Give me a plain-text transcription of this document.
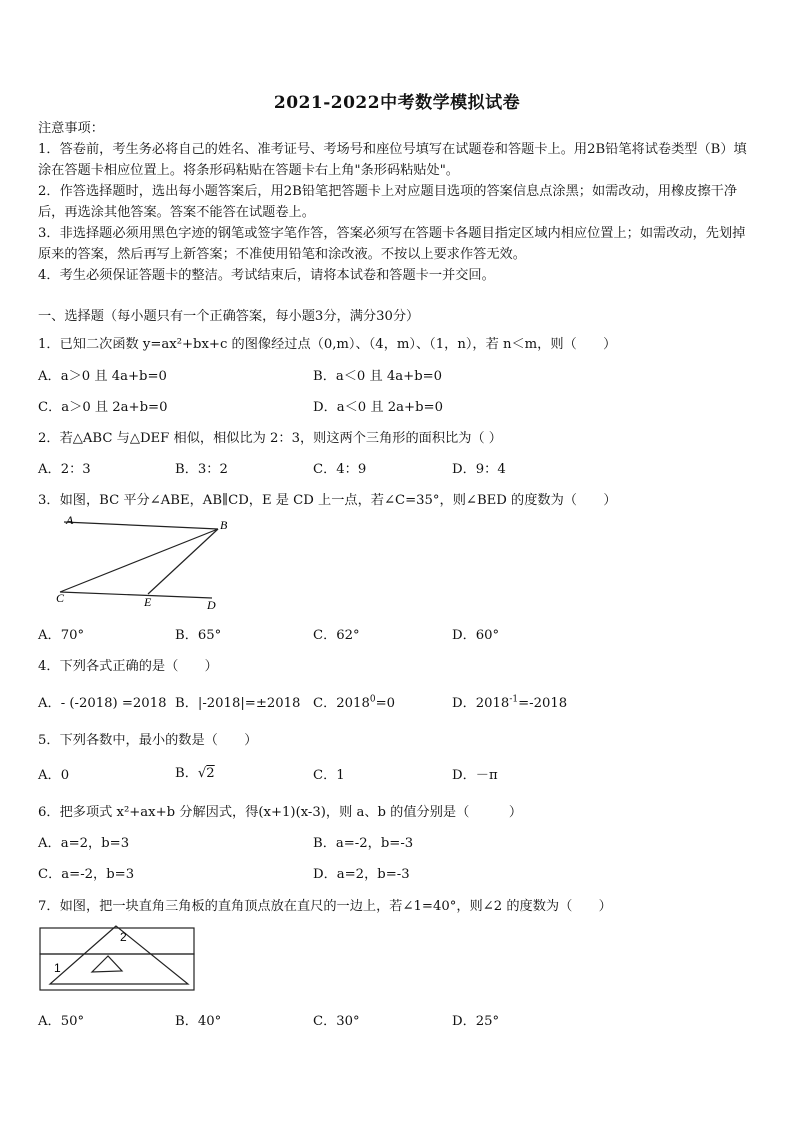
2021-2022中考数学模拟试卷

注意事项：

1．答卷前，考生务必将自己的姓名、准考证号、考场号和座位号填写在试题卷和答题卡上。用2B铅笔将试卷类型（B）填涂在答题卡相应位置上。将条形码粘贴在答题卡右上角"条形码粘贴处"。

2．作答选择题时，选出每小题答案后，用2B铅笔把答题卡上对应题目选项的答案信息点涂黑；如需改动，用橡皮擦干净后，再选涂其他答案。答案不能答在试题卷上。

3．非选择题必须用黑色字迹的钢笔或签字笔作答，答案必须写在答题卡各题目指定区域内相应位置上；如需改动，先划掉原来的答案，然后再写上新答案；不准使用铅笔和涂改液。不按以上要求作答无效。

4．考生必须保证答题卡的整洁。考试结束后，请将本试卷和答题卡一并交回。

一、选择题（每小题只有一个正确答案，每小题3分，满分30分）
1．已知二次函数 y=ax²+bx+c 的图像经过点（0,m）、（4，m）、（1，n），若 n＜m，则（　　）
A．a＞0 且 4a+b=0	B．a＜0 且 4a+b=0
C．a＞0 且 2a+b=0	D．a＜0 且 2a+b=0
2．若△ABC 与△DEF 相似，相似比为 2：3，则这两个三角形的面积比为（ ）
A．2：3	B．3：2	C．4：9	D．9：4
3．如图，BC 平分∠ABE，AB∥CD，E 是 CD 上一点，若∠C=35°，则∠BED 的度数为（　　）
A	B
C	E	D
A．70°	B．65°	C．62°	D．60°
4．下列各式正确的是（　　）
A．- (-2018) =2018 B．|-2018|=±2018 C．$2018^0=0$	D．$2018^{-1}=-2018$
5．下列各数中，最小的数是（　　）
A．0	B．√2	C．1	D．－π
6．把多项式 x²+ax+b 分解因式，得(x+1)(x-3)，则 a、b 的值分别是（　　　）
A．a=2，b=3	B．a=-2，b=-3
C．a=-2，b=3	D．a=2，b=-3
7．如图，把一块直角三角板的直角顶点放在直尺的一边上，若∠1=40°，则∠2 的度数为（　　）
2
1
A．50°	B．40°	C．30°	D．25°
